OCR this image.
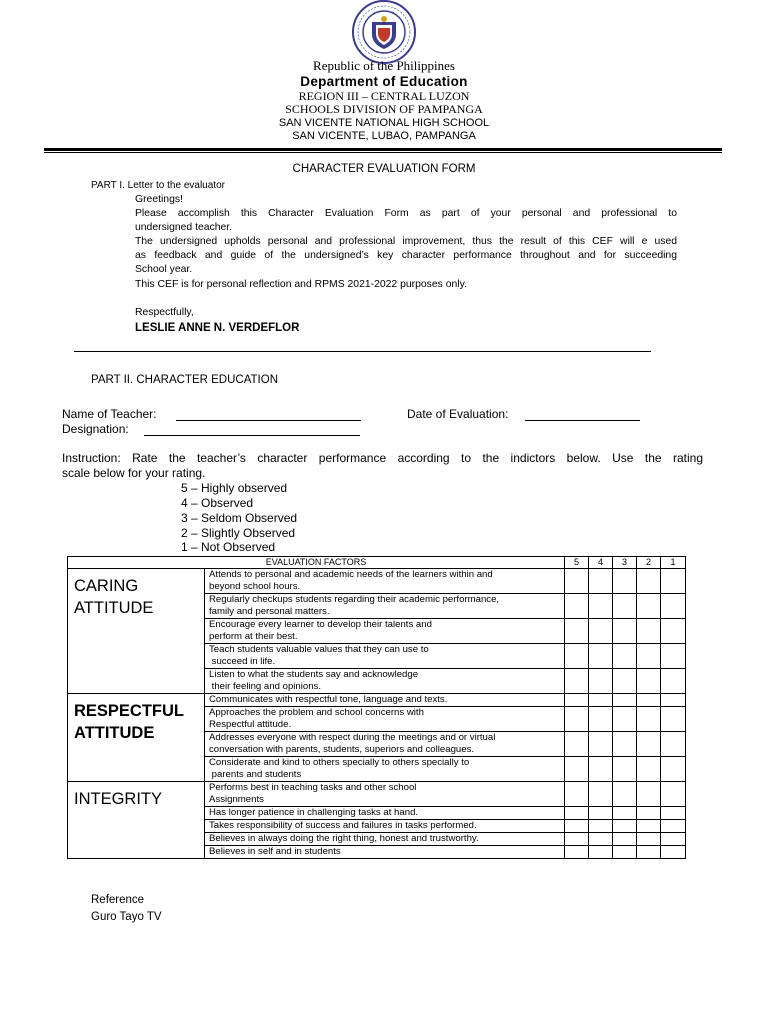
Republic of the Philippines
Department of Education
REGION III – CENTRAL LUZON
SCHOOLS DIVISION OF PAMPANGA
SAN VICENTE NATIONAL HIGH SCHOOL
SAN VICENTE, LUBAO, PAMPANGA
CHARACTER EVALUATION FORM
PART I. Letter to the evaluator
Greetings!
Please accomplish this Character Evaluation Form as part of your personal and professional to
undersigned teacher.
The undersigned upholds personal and professional improvement, thus the result of this CEF will e used
as feedback and guide of the undersigned’s key character performance throughout and for succeeding
School year.
This CEF is for personal reflection and RPMS 2021-2022 purposes only.
Respectfully,
LESLIE ANNE N. VERDEFLOR
PART II. CHARACTER EDUCATION
Name of Teacher:	Date of Evaluation:
Designation:
Instruction: Rate the teacher’s character performance according to the indictors below. Use the rating
scale below for your rating.
5 – Highly observed
4 – Observed
3 – Seldom Observed
2 – Slightly Observed
1 – Not Observed
EVALUATION FACTORS		5	4	3	2	1
CARING
ATTITUDE	Attends to personal and academic needs of the learners within and
beyond school hours.					
	Regularly checkups students regarding their academic performance,
family and personal matters.					
	Encourage every learner to develop their talents and
perform at their best.					
	Teach students valuable values that they can use to
succeed in life.					
	Listen to what the students say and acknowledge
their feeling and opinions.					
RESPECTFUL
ATTITUDE	Communicates with respectful tone, language and texts.					
	Approaches the problem and school concerns with
Respectful attitude.					
	Addresses everyone with respect during the meetings and or virtual
conversation with parents, students, superiors and colleagues.					
	Considerate and kind to others specially to others specially to
parents and students					
INTEGRITY	Performs best in teaching tasks and other school
Assignments					
	Has longer patience in challenging tasks at hand.					
	Takes responsibility of success and failures in tasks performed.					
	Believes in always doing the right thing, honest and trustworthy.					
	Believes in self and in students					
Reference
Guro Tayo TV
